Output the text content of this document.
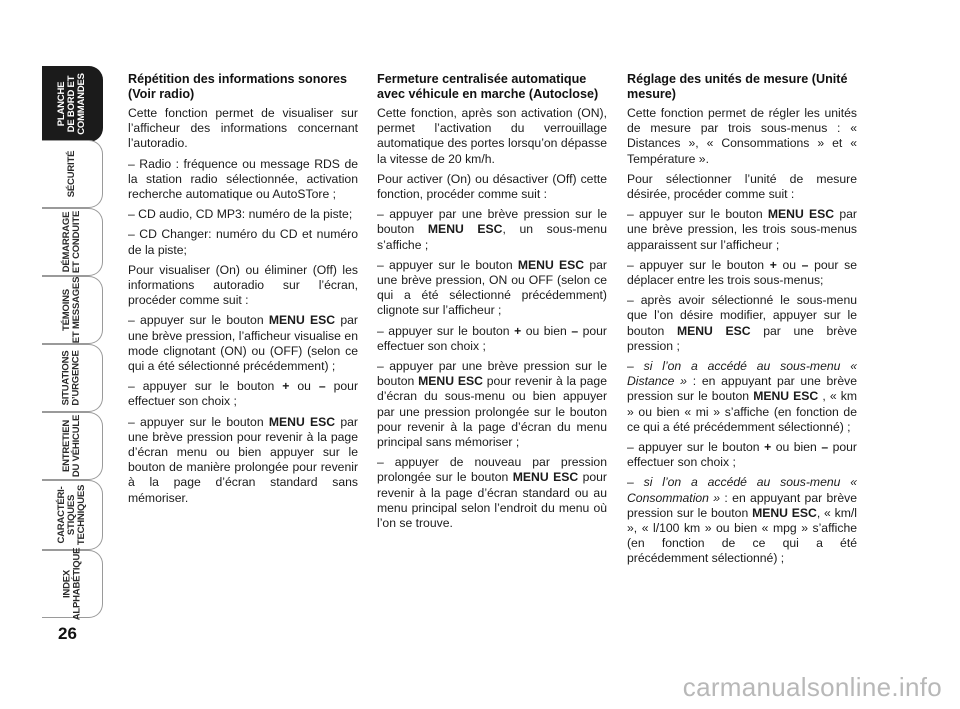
PLANCHE
DE BORD ET
COMMANDES
SÉCURITÉ
DÉMARRAGE
ET CONDUITE
TÉMOINS
ET MESSAGES
SITUATIONS
D’URGENCE
ENTRETIEN
DU VÉHICULE
CARACTÉRI-
STIQUES
TECHNIQUES
INDEX
ALPHABÉTIQUE
26
Répétition des informations sonores (Voir radio)

Cette fonction permet de visualiser sur l’afficheur des informations concernant l’autoradio.

– Radio : fréquence ou message RDS de la station radio sélectionnée, activation recherche automatique ou AutoSTore ;

– CD audio, CD MP3: numéro de la piste;

– CD Changer: numéro du CD et numéro de la piste;

Pour visualiser (On) ou éliminer (Off) les informations autoradio sur l’écran, procéder comme suit :

– appuyer sur le bouton MENU ESC par une brève pression, l’afficheur visualise en mode clignotant (ON) ou (OFF) (selon ce qui a été sélectionné précédemment) ;

– appuyer sur le bouton + ou – pour effectuer son choix ;

– appuyer sur le bouton MENU ESC par une brève pression pour revenir à la page d’écran menu ou bien appuyer sur le bouton de manière prolongée pour revenir à la page d’écran standard sans mémoriser.

Fermeture centralisée automatique avec véhicule en marche (Autoclose)

Cette fonction, après son activation (ON), permet l’activation du verrouillage automatique des portes lorsqu’on dépasse la vitesse de 20 km/h.

Pour activer (On) ou désactiver (Off) cette fonction, procéder comme suit :

– appuyer par une brève pression sur le bouton MENU ESC, un sous-menu s’affiche ;

– appuyer sur le bouton MENU ESC par une brève pression, ON ou OFF (selon ce qui a été sélectionné précédemment) clignote sur l’afficheur ;

– appuyer sur le bouton + ou bien – pour effectuer son choix ;

– appuyer par une brève pression sur le bouton MENU ESC pour revenir à la page d’écran du sous-menu ou bien appuyer par une pression prolongée sur le bouton pour revenir à la page d’écran du menu principal sans mémoriser ;

– appuyer de nouveau par pression prolongée sur le bouton MENU ESC pour revenir à la page d’écran standard ou au menu principal selon l’endroit du menu où l’on se trouve.

Réglage des unités de mesure (Unité mesure)

Cette fonction permet de régler les unités de mesure par trois sous-menus : « Distances », « Consommations » et « Température ».

Pour sélectionner l’unité de mesure désirée, procéder comme suit :

– appuyer sur le bouton MENU ESC par une brève pression, les trois sous-menus apparaissent sur l’afficheur ;

– appuyer sur le bouton + ou – pour se déplacer entre les trois sous-menus;

– après avoir sélectionné le sous-menu que l’on désire modifier, appuyer sur le bouton MENU ESC par une brève pression ;

– si l’on a accédé au sous-menu « Distance » : en appuyant par une brève pression sur le bouton MENU ESC , « km » ou bien « mi » s’affiche (en fonction de ce qui a été précédemment sélectionné) ;

– appuyer sur le bouton + ou bien – pour effectuer son choix ;

– si l’on a accédé au sous-menu « Consommation » : en appuyant par brève pression sur le bouton MENU ESC, « km/l », « l/100 km » ou bien « mpg » s’affiche (en fonction de ce qui a été précédemment sélectionné) ;

carmanualsonline.info
